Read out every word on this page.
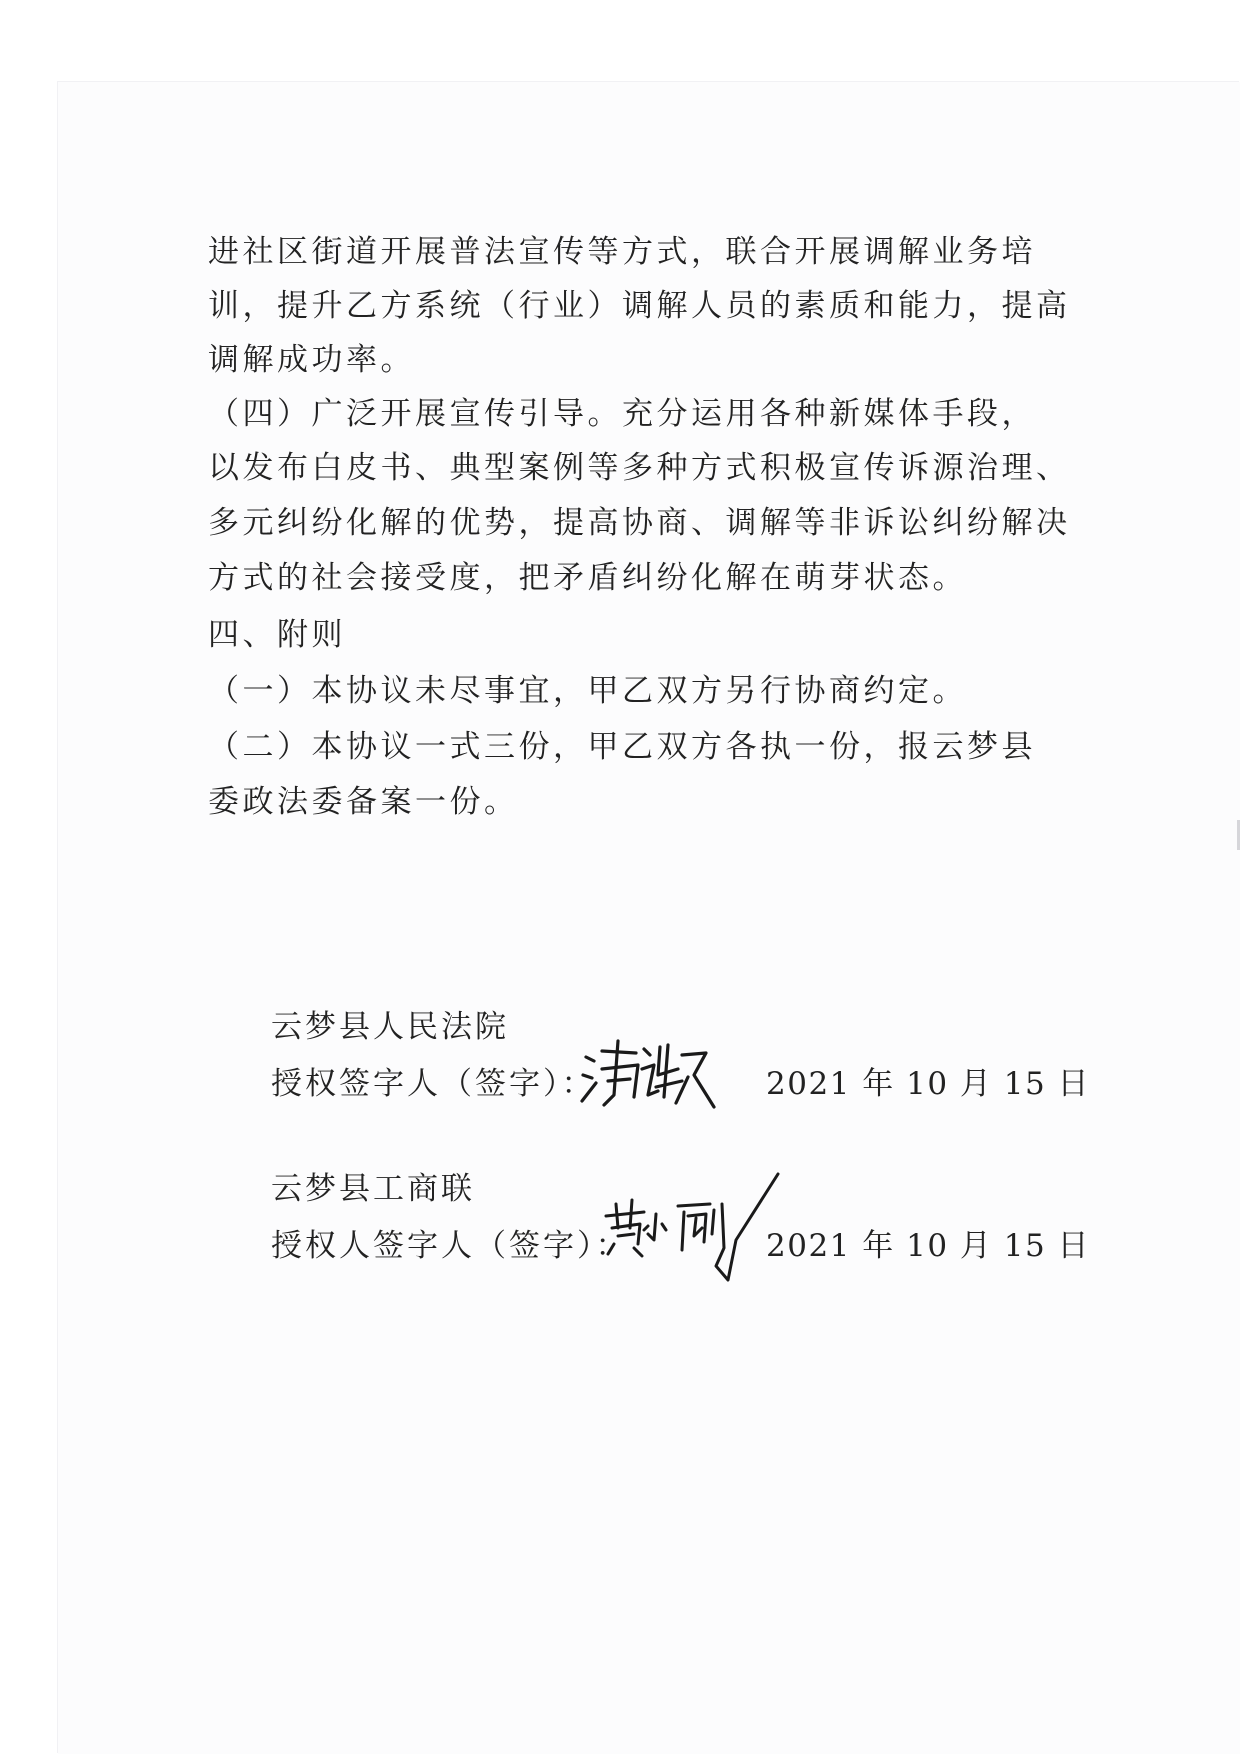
进社区街道开展普法宣传等方式，联合开展调解业务培

训，提升乙方系统（行业）调解人员的素质和能力，提高

调解成功率。

（四）广泛开展宣传引导。充分运用各种新媒体手段，

以发布白皮书、典型案例等多种方式积极宣传诉源治理、

多元纠纷化解的优势，提高协商、调解等非诉讼纠纷解决

方式的社会接受度，把矛盾纠纷化解在萌芽状态。

四、附则

（一）本协议未尽事宜，甲乙双方另行协商约定。

（二）本协议一式三份，甲乙双方各执一份，报云梦县

委政法委备案一份。

云梦县人民法院

授权签字人（签字）：	2021 年 10 月 15 日

云梦县工商联

授权人签字人（签字）：	2021 年 10 月 15 日
